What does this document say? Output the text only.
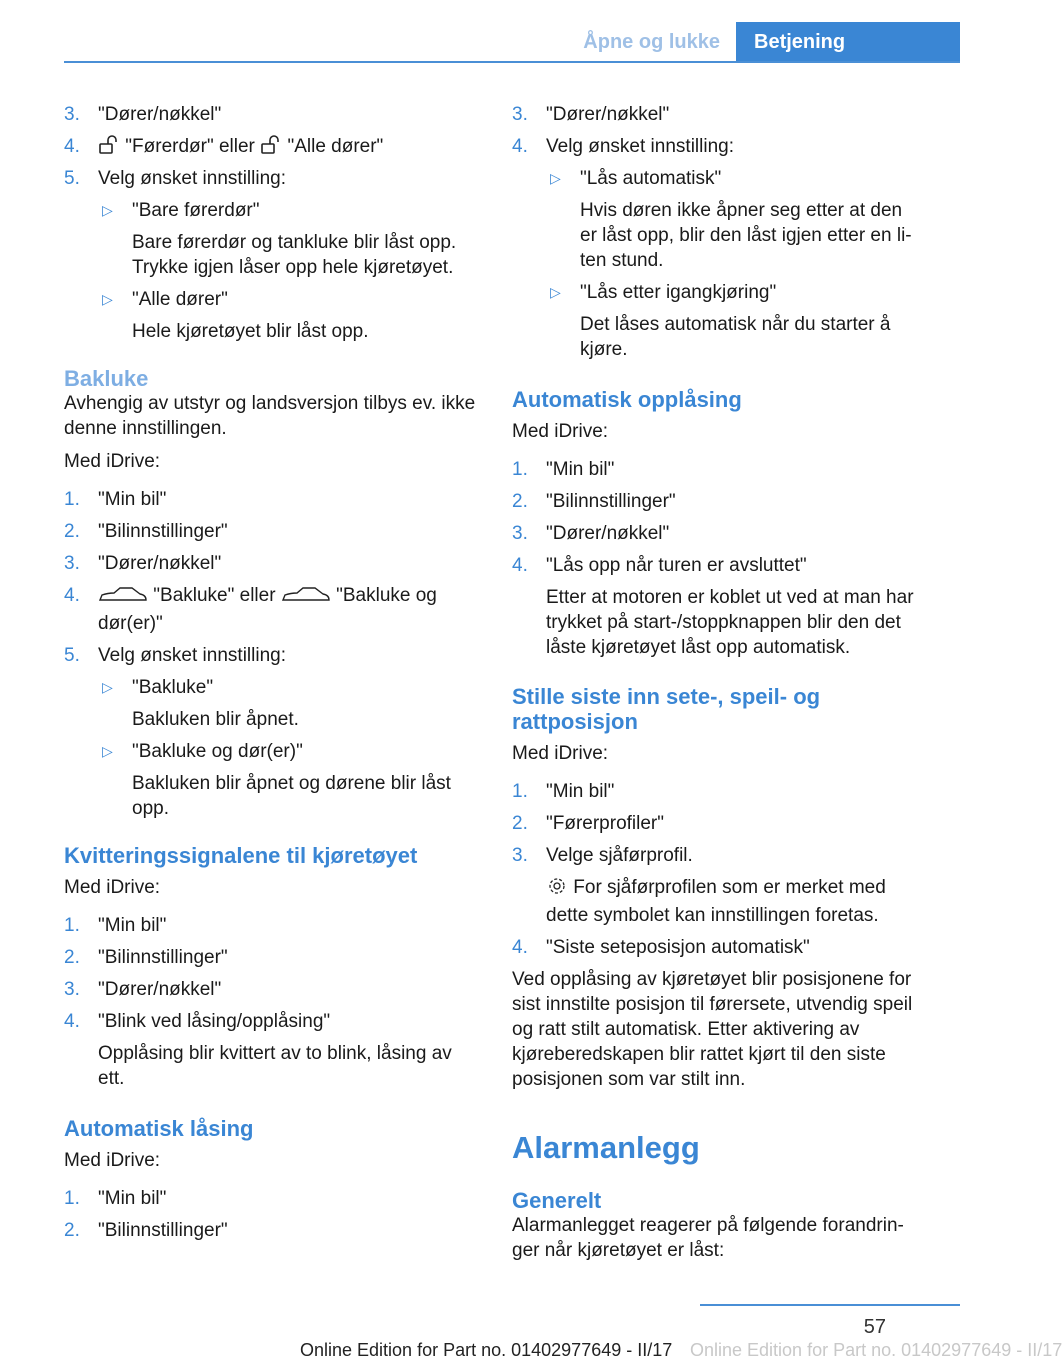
Åpne og lukke	Betjening
3. "Dører/nøkkel"
4. "Førerdør" eller "Alle dører"
5. Velg ønsket innstilling:
▷ "Bare førerdør"
Bare førerdør og tankluke blir låst opp. Trykke igjen låser opp hele kjøretøyet.
▷ "Alle dører"
Hele kjøretøyet blir låst opp.
Bakluke

Avhengig av utstyr og landsversjon tilbys ev. ikke denne innstillingen.

Med iDrive:

1. "Min bil"
2. "Bilinnstillinger"
3. "Dører/nøkkel"
4.	"Bakluke" eller	"Bakluke og dør(er)"
5. Velg ønsket innstilling:
▷ "Bakluke"
Bakluken blir åpnet.
▷ "Bakluke og dør(er)"
Bakluken blir åpnet og dørene blir låst opp.
Kvitteringssignalene til kjøretøyet

Med iDrive:

1. "Min bil"
2. "Bilinnstillinger"
3. "Dører/nøkkel"
4. "Blink ved låsing/opplåsing"
Opplåsing blir kvittert av to blink, låsing av ett.
Automatisk låsing

Med iDrive:

1. "Min bil"
2. "Bilinnstillinger"
3. "Dører/nøkkel"
4. Velg ønsket innstilling:
▷ "Lås automatisk"
Hvis døren ikke åpner seg etter at den er låst opp, blir den låst igjen etter en liten stund.
▷ "Lås etter igangkjøring"
Det låses automatisk når du starter å kjøre.
Automatisk opplåsing

Med iDrive:

1. "Min bil"
2. "Bilinnstillinger"
3. "Dører/nøkkel"
4. "Lås opp når turen er avsluttet"
Etter at motoren er koblet ut ved at man har trykket på start-/stoppknappen blir den det låste kjøretøyet låst opp automatisk.
Stille siste inn sete-, speil- og rattposisjon

Med iDrive:

1. "Min bil"
2. "Førerprofiler"
3. Velge sjåførprofil.
For sjåførprofilen som er merket med dette symbolet kan innstillingen foretas.
4. "Siste seteposisjon automatisk"

Ved opplåsing av kjøretøyet blir posisjonene for sist innstilte posisjon til førersete, utvendig speil og ratt stilt automatisk. Etter aktivering av kjøreberedskapen blir rattet kjørt til den siste posisjonen som var stilt inn.

Alarmanlegg
Generelt

Alarmanlegget reagerer på følgende forandringer når kjøretøyet er låst:

57
Online Edition for Part no. 01402977649 - II/17 Online Edition for Part no. 01402977649 - II/17
